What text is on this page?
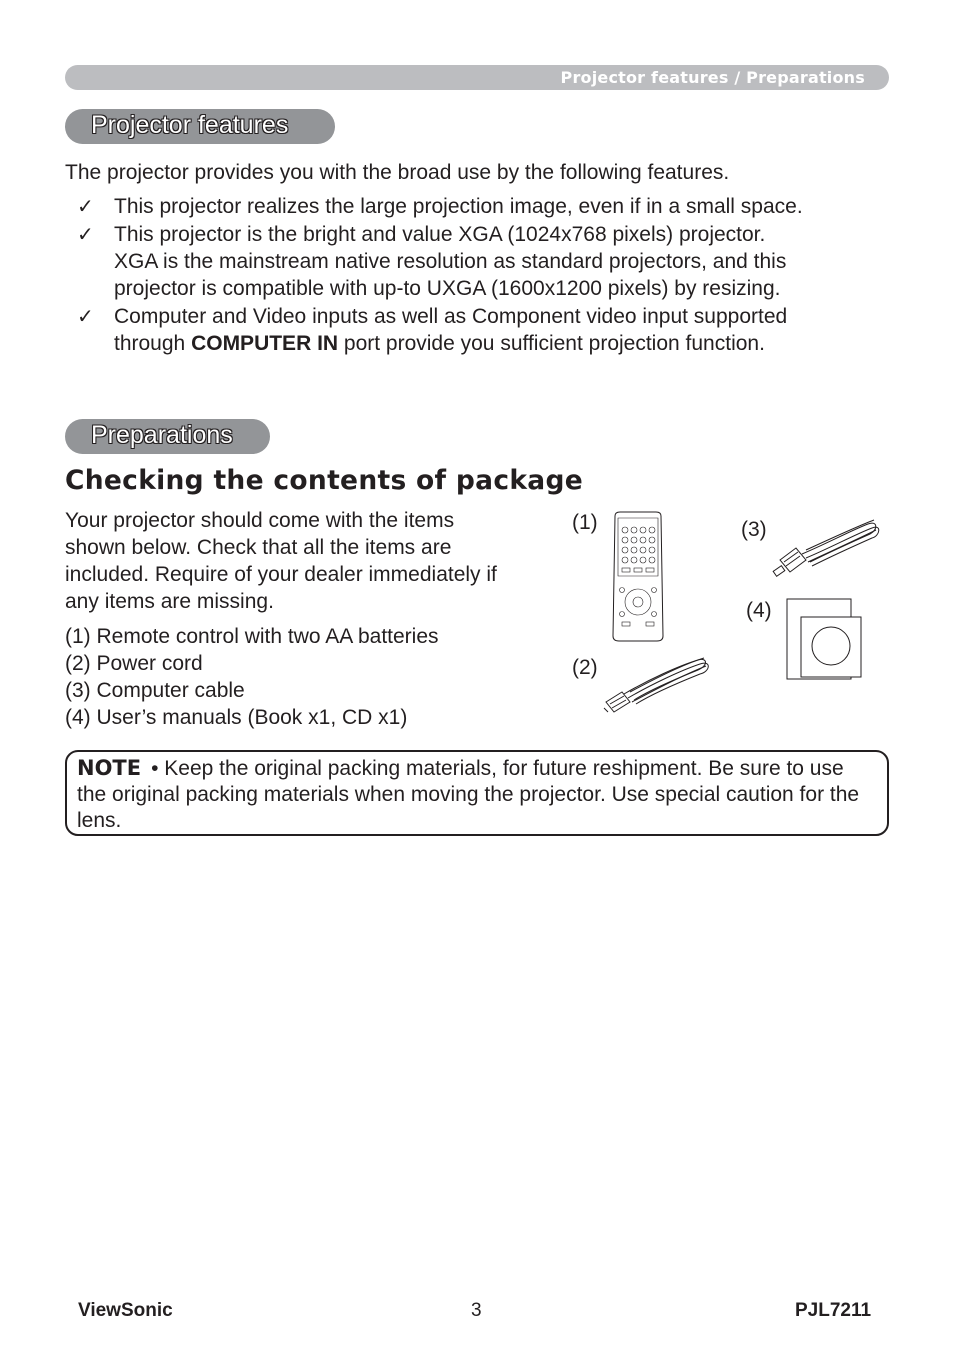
Projector features / Preparations
Projector features
The projector provides you with the broad use by the following features.
✓ This projector realizes the large projection image, even if in a small space.
✓ This projector is the bright and value XGA (1024x768 pixels) projector.
XGA is the mainstream native resolution as standard projectors, and this
projector is compatible with up-to UXGA (1600x1200 pixels) by resizing.
✓ Computer and Video inputs as well as Component video input supported
through COMPUTER IN port provide you sufficient projection function.
Preparations
Checking the contents of package
Your projector should come with the items
shown below. Check that all the items are
included. Require of your dealer immediately if
any items are missing.
(1) Remote control with two AA batteries
(2) Power cord
(3) Computer cable
(4) User’s manuals (Book x1, CD x1)
(1)
(2)
(3)
(4)
NOTE • Keep the original packing materials, for future reshipment. Be sure to use the original packing materials when moving the projector. Use special caution for the lens.
ViewSonic	3	PJL7211
